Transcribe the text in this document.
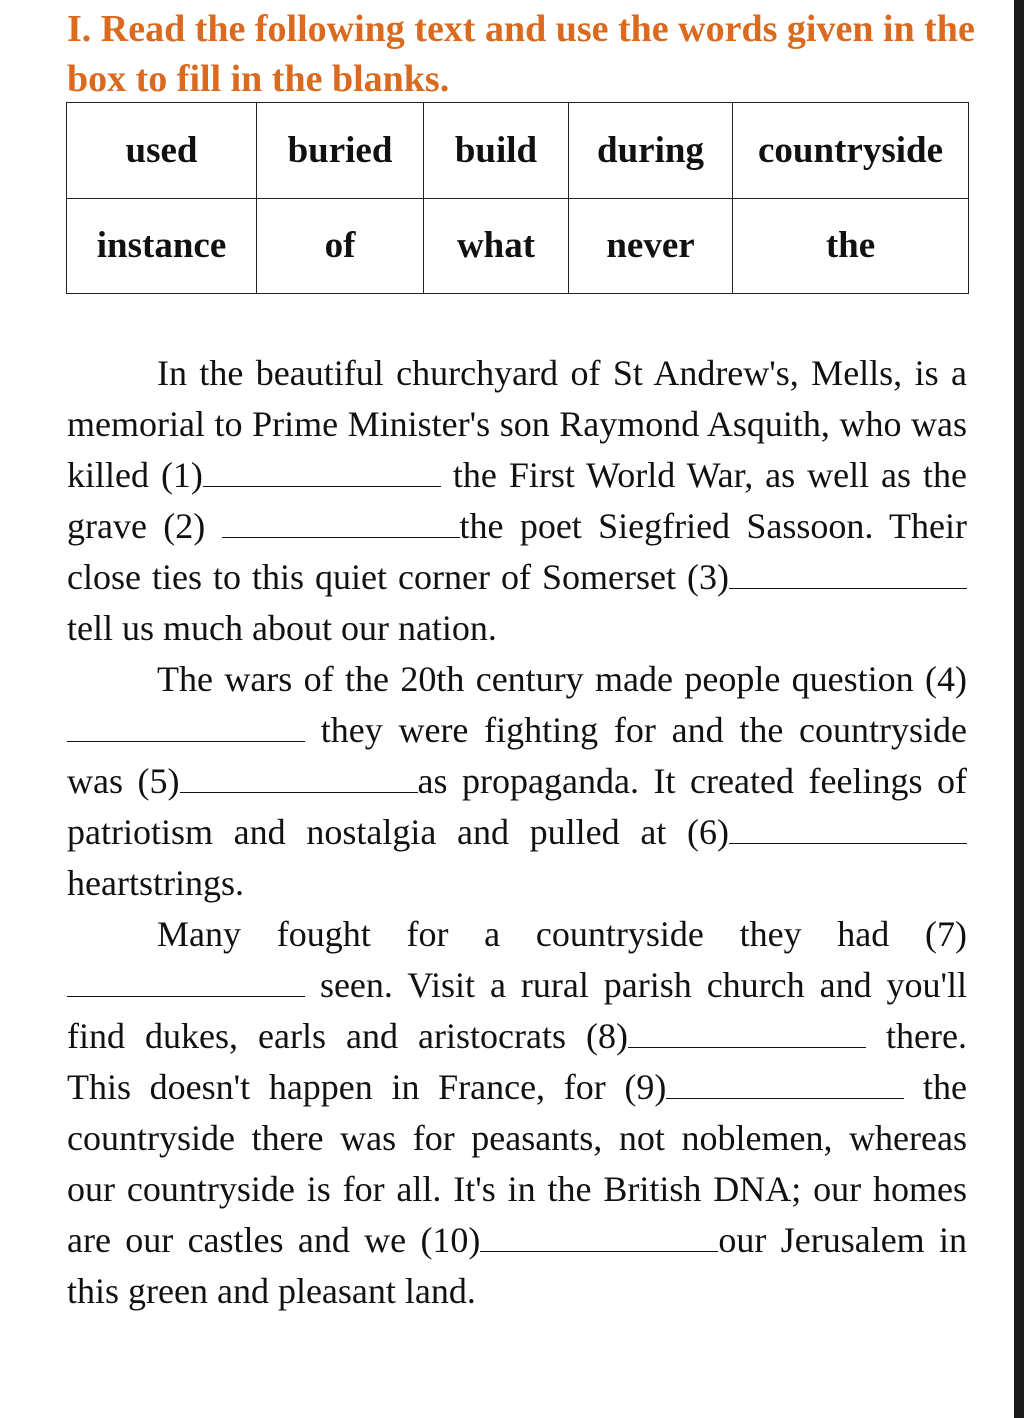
I. Read the following text and use the words given in the box to fill in the blanks.
used	buried	build	during	countryside
instance	of	what	never	the

In the beautiful churchyard of St Andrew's, Mells, is a memorial to Prime Minister's son Raymond Asquith, who was killed (1)	the First World War, as well as the grave (2)	the poet Siegfried Sassoon. Their close ties to this quiet corner of Somerset (3) tell us much about our nation.

The wars of the 20th century made people question (4) they were fighting for and the countryside was (5)	as propaganda. It created feelings of patriotism and nostalgia and pulled at (6) heartstrings.

Many fought for a countryside they had (7) seen. Visit a rural parish church and you'll find dukes, earls and aristocrats (8)	there. This doesn't happen in France, for (9)	the countryside there was for peasants, not noblemen, whereas our countryside is for all. It's in the British DNA; our homes are our castles and we (10)	our Jerusalem in this green and pleasant land.
